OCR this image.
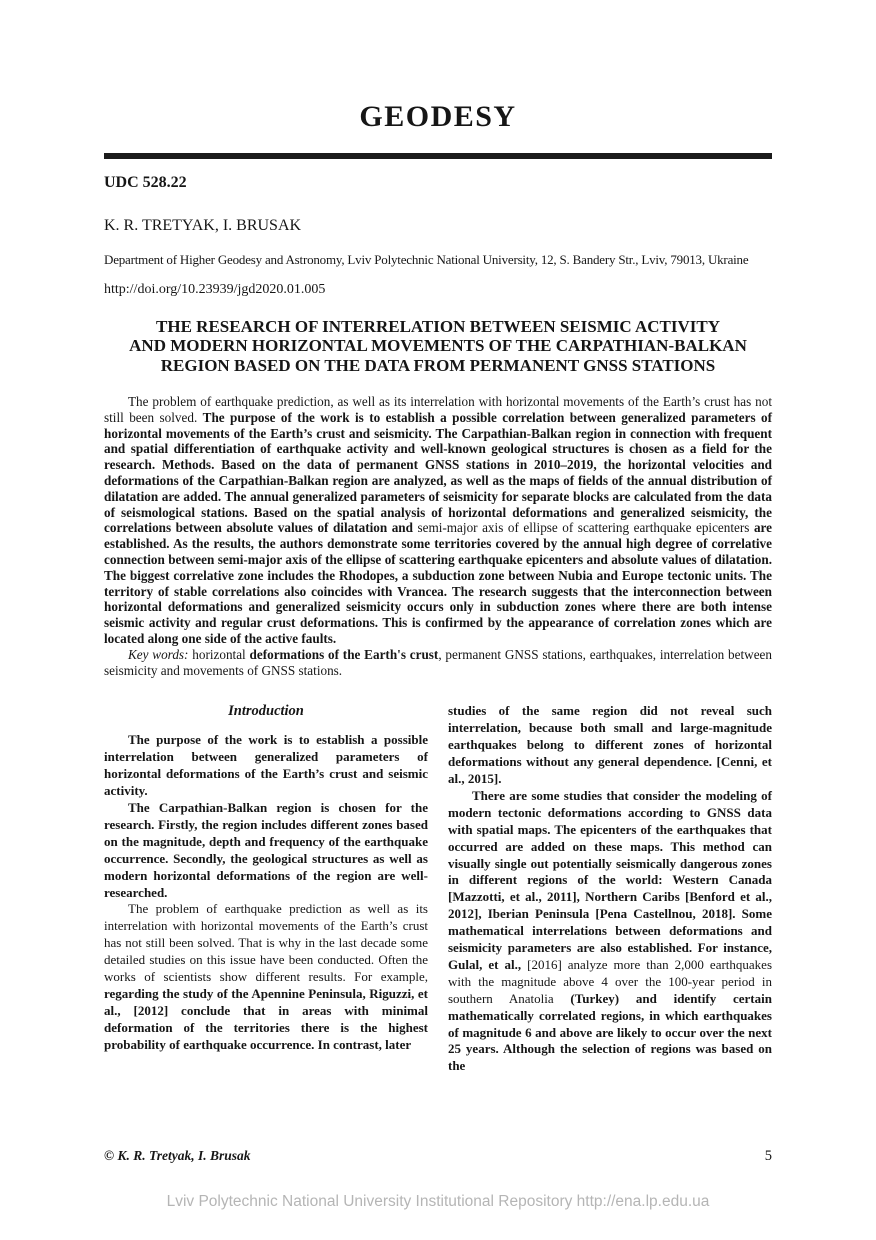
GEODESY

UDC 528.22

K. R. TRETYAK, I. BRUSAK

Department of Higher Geodesy and Astronomy, Lviv Polytechnic National University, 12, S. Bandery Str., Lviv, 79013, Ukraine

http://doi.org/10.23939/jgd2020.01.005

THE RESEARCH OF INTERRELATION BETWEEN SEISMIC ACTIVITY
AND MODERN HORIZONTAL MOVEMENTS OF THE CARPATHIAN-BALKAN
REGION BASED ON THE DATA FROM PERMANENT GNSS STATIONS

The problem of earthquake prediction, as well as its interrelation with horizontal movements of the Earth’s crust has not still been solved. The purpose of the work is to establish a possible correlation between generalized parameters of horizontal movements of the Earth’s crust and seismicity. The Carpathian-Balkan region in connection with frequent and spatial differentiation of earthquake activity and well-known geological structures is chosen as a field for the research. Methods. Based on the data of permanent GNSS stations in 2010–2019, the horizontal velocities and deformations of the Carpathian-Balkan region are analyzed, as well as the maps of fields of the annual distribution of dilatation are added. The annual generalized parameters of seismicity for separate blocks are calculated from the data of seismological stations. Based on the spatial analysis of horizontal deformations and generalized seismicity, the correlations between absolute values of dilatation and semi-major axis of ellipse of scattering earthquake epicenters are established. As the results, the authors demonstrate some territories covered by the annual high degree of correlative connection between semi-major axis of the ellipse of scattering earthquake epicenters and absolute values of dilatation. The biggest correlative zone includes the Rhodopes, a subduction zone between Nubia and Europe tectonic units. The territory of stable correlations also coincides with Vrancea. The research suggests that the interconnection between horizontal deformations and generalized seismicity occurs only in subduction zones where there are both intense seismic activity and regular crust deformations. This is confirmed by the appearance of correlation zones which are located along one side of the active faults.

Key words: horizontal deformations of the Earth's crust, permanent GNSS stations, earthquakes, interrelation between seismicity and movements of GNSS stations.

Introduction

The purpose of the work is to establish a possible interrelation between generalized parameters of horizontal deformations of the Earth’s crust and seismic activity.

The Carpathian-Balkan region is chosen for the research. Firstly, the region includes different zones based on the magnitude, depth and frequency of the earthquake occurrence. Secondly, the geological structures as well as modern horizontal deformations of the region are well-researched.

The problem of earthquake prediction as well as its interrelation with horizontal movements of the Earth’s crust has not still been solved. That is why in the last decade some detailed studies on this issue have been conducted. Often the works of scientists show different results. For example, regarding the study of the Apennine Peninsula, Riguzzi, et al., [2012] conclude that in areas with minimal deformation of the territories there is the highest probability of earthquake occurrence. In contrast, later

studies of the same region did not reveal such interrelation, because both small and large-magnitude earthquakes belong to different zones of horizontal deformations without any general dependence. [Cenni, et al., 2015].

There are some studies that consider the modeling of modern tectonic deformations according to GNSS data with spatial maps. The epicenters of the earthquakes that occurred are added on these maps. This method can visually single out potentially seismically dangerous zones in different regions of the world: Western Canada [Mazzotti, et al., 2011], Northern Caribs [Benford et al., 2012], Iberian Peninsula [Pena Castellnou, 2018]. Some mathematical interrelations between deformations and seismicity parameters are also established. For instance, Gulal, et al., [2016] analyze more than 2,000 earthquakes with the magnitude above 4 over the 100-year period in southern Anatolia (Turkey) and identify certain mathematically correlated regions, in which earthquakes of magnitude 6 and above are likely to occur over the next 25 years. Although the selection of regions was based on the

© K. R. Tretyak, I. Brusak	5
Lviv Polytechnic National University Institutional Repository http://ena.lp.edu.ua
